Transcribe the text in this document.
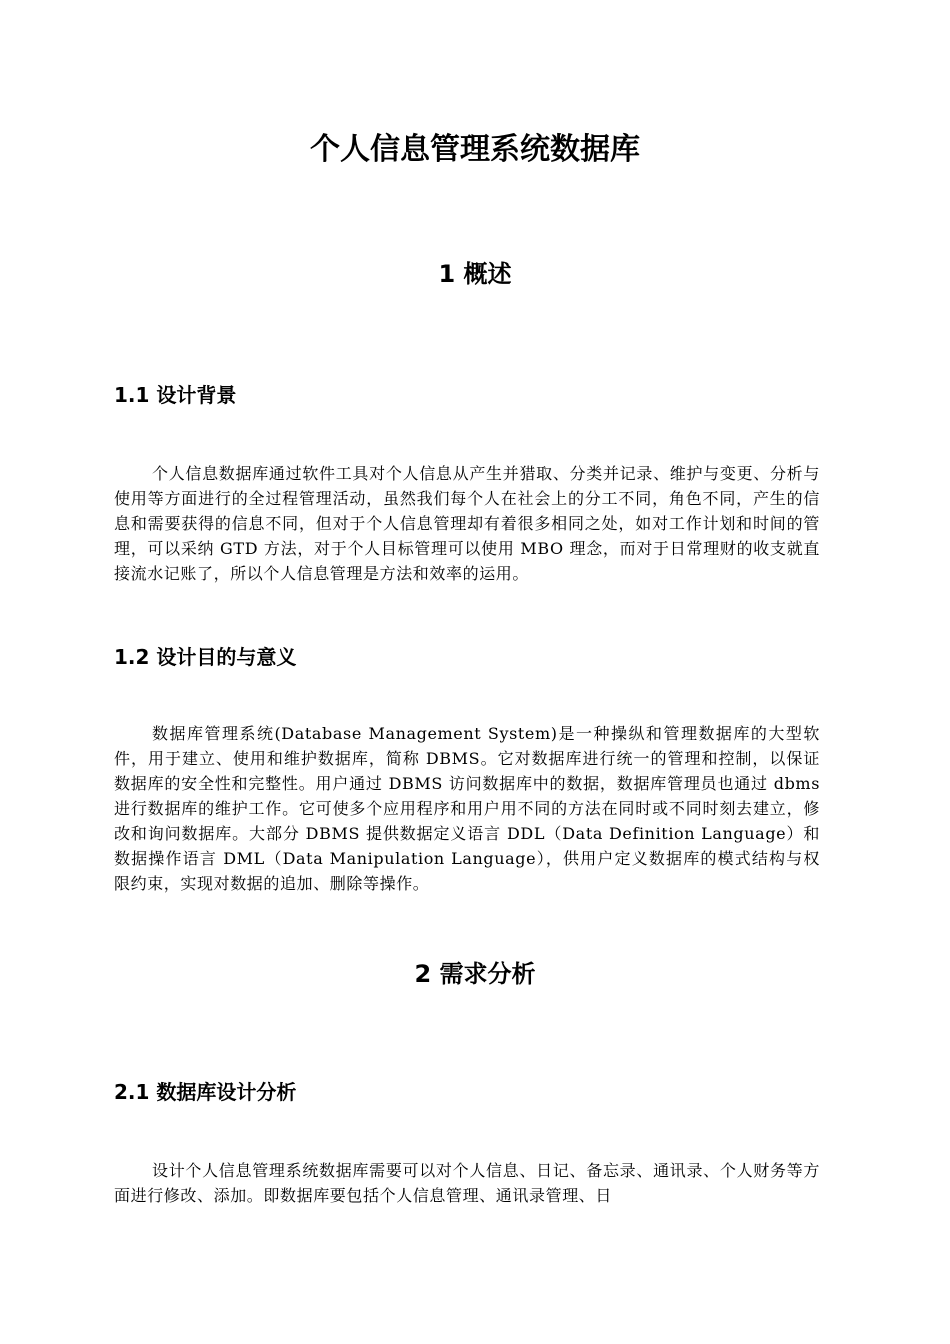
个人信息管理系统数据库
1 概述
1.1 设计背景

个人信息数据库通过软件工具对个人信息从产生并猎取、分类并记录、维护与变更、分析与使用等方面进行的全过程管理活动，虽然我们每个人在社会上的分工不同，角色不同，产生的信息和需要获得的信息不同，但对于个人信息管理却有着很多相同之处，如对工作计划和时间的管理，可以采纳 GTD 方法，对于个人目标管理可以使用 MBO 理念，而对于日常理财的收支就直接流水记账了，所以个人信息管理是方法和效率的运用。

1.2 设计目的与意义

数据库管理系统(Database Management System)是一种操纵和管理数据库的大型软件，用于建立、使用和维护数据库，简称 DBMS。它对数据库进行统一的管理和控制，以保证数据库的安全性和完整性。用户通过 DBMS 访问数据库中的数据，数据库管理员也通过 dbms 进行数据库的维护工作。它可使多个应用程序和用户用不同的方法在同时或不同时刻去建立，修改和询问数据库。大部分 DBMS 提供数据定义语言 DDL（Data Definition Language）和数据操作语言 DML（Data Manipulation Language），供用户定义数据库的模式结构与权限约束，实现对数据的追加、删除等操作。

2 需求分析
2.1 数据库设计分析

设计个人信息管理系统数据库需要可以对个人信息、日记、备忘录、通讯录、个人财务等方面进行修改、添加。即数据库要包括个人信息管理、通讯录管理、日
